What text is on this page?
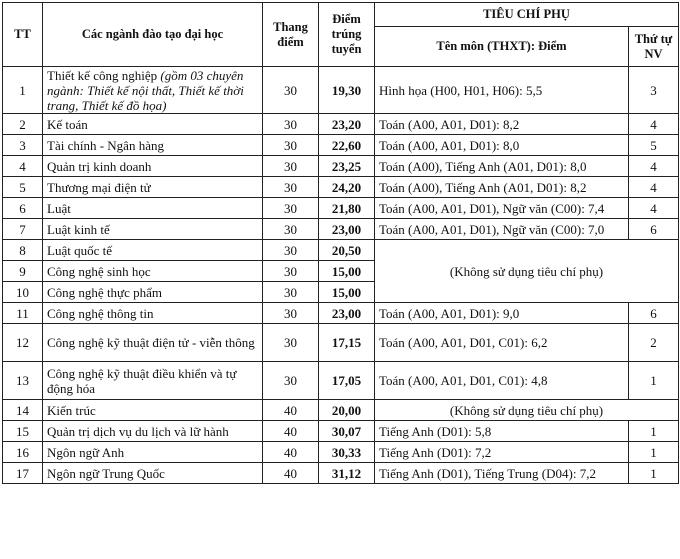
TT	Các ngành đào tạo đại học	Thang điểm	Điểm trúng tuyển	TIÊU CHÍ PHỤ	
				Tên môn (THXT): Điểm	Thứ tự NV
1	Thiết kế công nghiệp (gồm 03 chuyên ngành: Thiết kế nội thất, Thiết kế thời trang, Thiết kế đồ họa)	30	19,30	Hình họa (H00, H01, H06): 5,5	3
2	Kế toán	30	23,20	Toán (A00, A01, D01): 8,2	4
3	Tài chính - Ngân hàng	30	22,60	Toán (A00, A01, D01): 8,0	5
4	Quản trị kinh doanh	30	23,25	Toán (A00), Tiếng Anh (A01, D01): 8,0	4
5	Thương mại điện tử	30	24,20	Toán (A00), Tiếng Anh (A01, D01): 8,2	4
6	Luật	30	21,80	Toán (A00, A01, D01), Ngữ văn (C00): 7,4	4
7	Luật kinh tế	30	23,00	Toán (A00, A01, D01), Ngữ văn (C00): 7,0	6
8	Luật quốc tế	30	20,50	(Không sử dụng tiêu chí phụ)	
9	Công nghệ sinh học	30	15,00		
10	Công nghệ thực phẩm	30	15,00		
11	Công nghệ thông tin	30	23,00	Toán (A00, A01, D01): 9,0	6
12	Công nghệ kỹ thuật điện tử - viễn thông	30	17,15	Toán (A00, A01, D01, C01): 6,2	2
13	Công nghệ kỹ thuật điều khiển và tự động hóa	30	17,05	Toán (A00, A01, D01, C01): 4,8	1
14	Kiến trúc	40	20,00	(Không sử dụng tiêu chí phụ)	
15	Quản trị dịch vụ du lịch và lữ hành	40	30,07	Tiếng Anh (D01): 5,8	1
16	Ngôn ngữ Anh	40	30,33	Tiếng Anh (D01): 7,2	1
17	Ngôn ngữ Trung Quốc	40	31,12	Tiếng Anh (D01), Tiếng Trung (D04): 7,2	1
